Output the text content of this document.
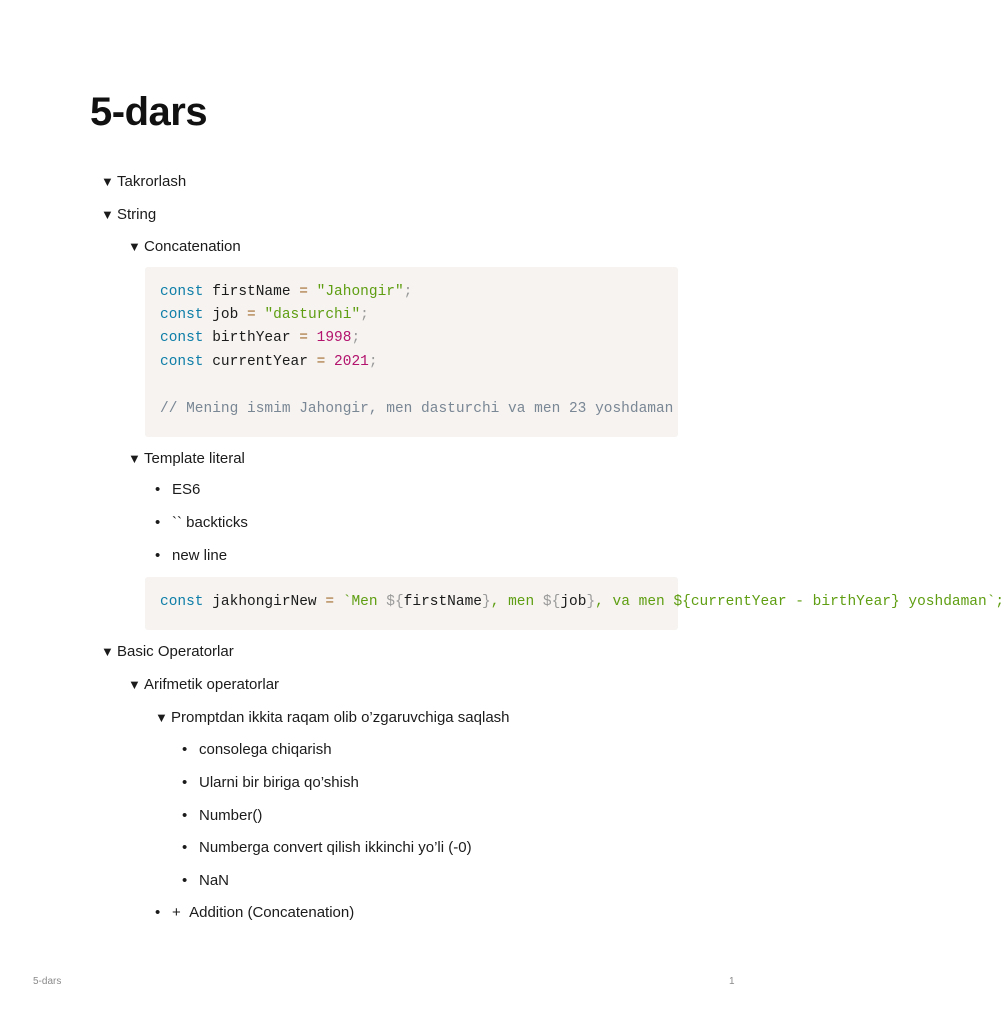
5-dars
▼ Takrorlash
▼ String
▼ Concatenation
const firstName = "Jahongir";
const job = "dasturchi";
const birthYear = 1998;
const currentYear = 2021;
// Mening ismim Jahongir, men dasturchi va men 23 yoshdaman
▼ Template literal
• ES6
• `` backticks
• new line
const jakhongirNew = `Men ${firstName}, men ${job}, va men ${currentYear - birthYear} yoshdaman`;
▼ Basic Operatorlar
▼ Arifmetik operatorlar
▼ Promptdan ikkita raqam olib o’zgaruvchiga saqlash
• consolega chiqarish
• Ularni bir biriga qo’shish
• Number()
• Numberga convert qilish ikkinchi yo’li (-0)
• NaN
• + Addition (Concatenation)
5-dars	1
